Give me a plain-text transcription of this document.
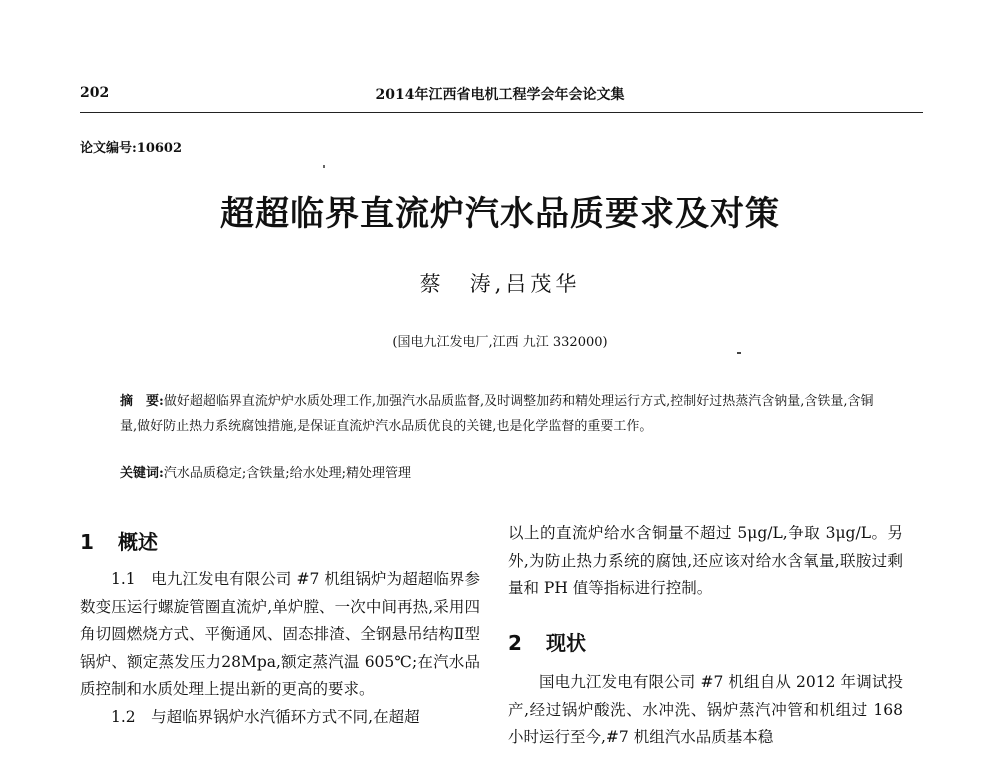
202	2014年江西省电机工程学会年会论文集
论文编号:10602
超超临界直流炉汽水品质要求及对策
蔡　涛,吕茂华
(国电九江发电厂,江西 九江 332000)
摘　要:做好超超临界直流炉炉水质处理工作,加强汽水品质监督,及时调整加药和精处理运行方式,控制好过热蒸汽含钠量,含铁量,含铜量,做好防止热力系统腐蚀措施,是保证直流炉汽水品质优良的关键,也是化学监督的重要工作。
关键词:汽水品质稳定;含铁量;给水处理;精处理管理
1 概述

1.1　电九江发电有限公司 #7 机组锅炉为超超临界参数变压运行螺旋管圈直流炉,单炉膛、一次中间再热,采用四角切圆燃烧方式、平衡通风、固态排渣、全钢悬吊结构Ⅱ型锅炉、额定蒸发压力28Mpa,额定蒸汽温 605℃;在汽水品质控制和水质处理上提出新的更高的要求。

1.2　与超临界锅炉水汽循环方式不同,在超超

以上的直流炉给水含铜量不超过 5μg/L,争取 3μg/L。另外,为防止热力系统的腐蚀,还应该对给水含氧量,联胺过剩量和 PH 值等指标进行控制。

2 现状

国电九江发电有限公司 #7 机组自从 2012 年调试投产,经过锅炉酸洗、水冲洗、锅炉蒸汽冲管和机组过 168 小时运行至今,#7 机组汽水品质基本稳
